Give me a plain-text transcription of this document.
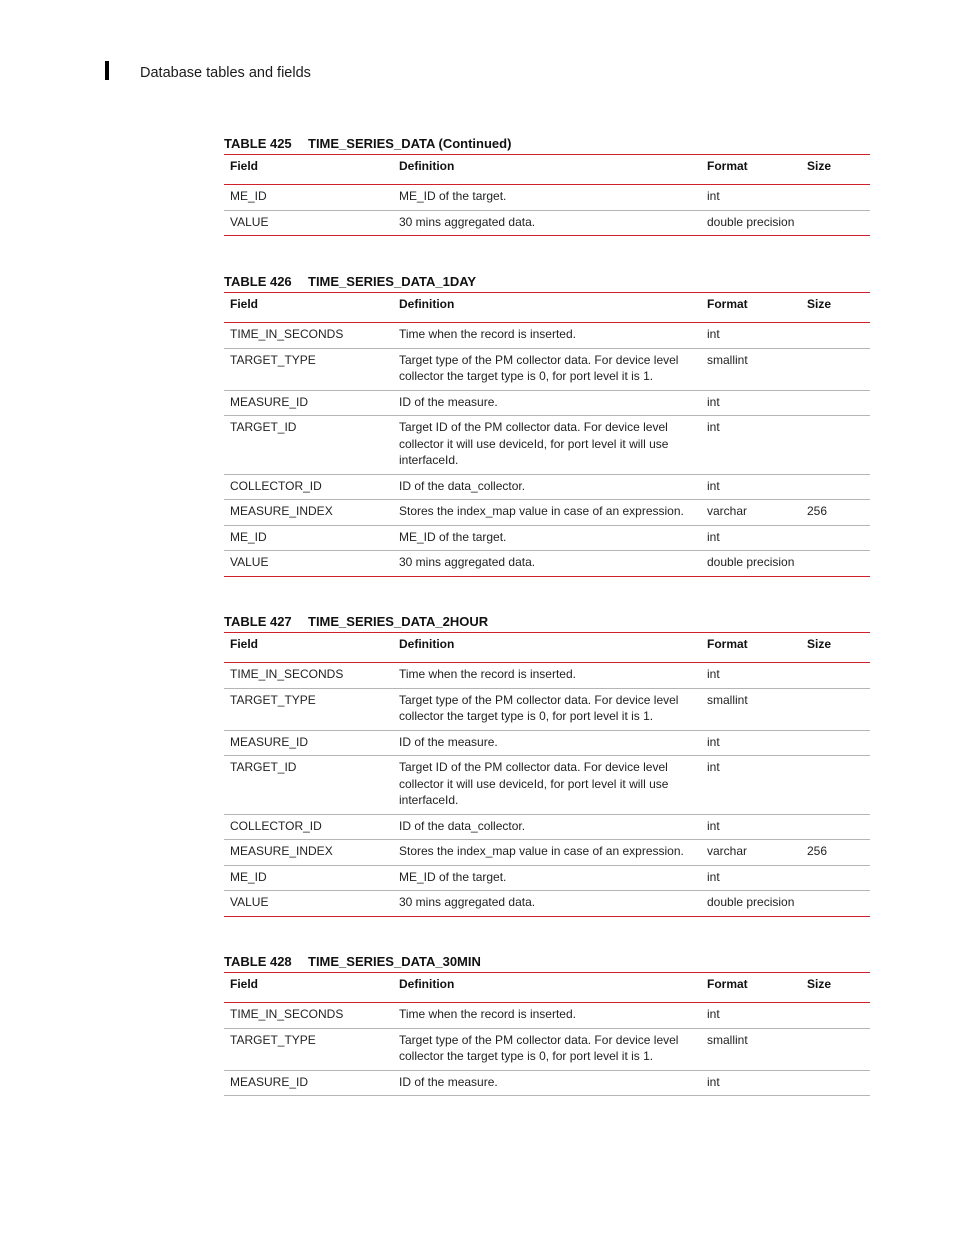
Database tables and fields
TABLE 425 TIME_SERIES_DATA (Continued)
Field	Definition	Format	Size
ME_ID	ME_ID of the target.	int	
VALUE	30 mins aggregated data.	double precision	
TABLE 426 TIME_SERIES_DATA_1DAY
Field	Definition	Format	Size
TIME_IN_SECONDS	Time when the record is inserted.	int	
TARGET_TYPE	Target type of the PM collector data. For device level collector the target type is 0, for port level it is 1.	smallint	
MEASURE_ID	ID of the measure.	int	
TARGET_ID	Target ID of the PM collector data. For device level collector it will use deviceId, for port level it will use interfaceId.	int	
COLLECTOR_ID	ID of the data_collector.	int	
MEASURE_INDEX	Stores the index_map value in case of an expression.	varchar	256
ME_ID	ME_ID of the target.	int	
VALUE	30 mins aggregated data.	double precision	
TABLE 427 TIME_SERIES_DATA_2HOUR
Field	Definition	Format	Size
TIME_IN_SECONDS	Time when the record is inserted.	int	
TARGET_TYPE	Target type of the PM collector data. For device level collector the target type is 0, for port level it is 1.	smallint	
MEASURE_ID	ID of the measure.	int	
TARGET_ID	Target ID of the PM collector data. For device level collector it will use deviceId, for port level it will use interfaceId.	int	
COLLECTOR_ID	ID of the data_collector.	int	
MEASURE_INDEX	Stores the index_map value in case of an expression.	varchar	256
ME_ID	ME_ID of the target.	int	
VALUE	30 mins aggregated data.	double precision	
TABLE 428 TIME_SERIES_DATA_30MIN
Field	Definition	Format	Size
TIME_IN_SECONDS	Time when the record is inserted.	int	
TARGET_TYPE	Target type of the PM collector data. For device level collector the target type is 0, for port level it is 1.	smallint	
MEASURE_ID	ID of the measure.	int	
